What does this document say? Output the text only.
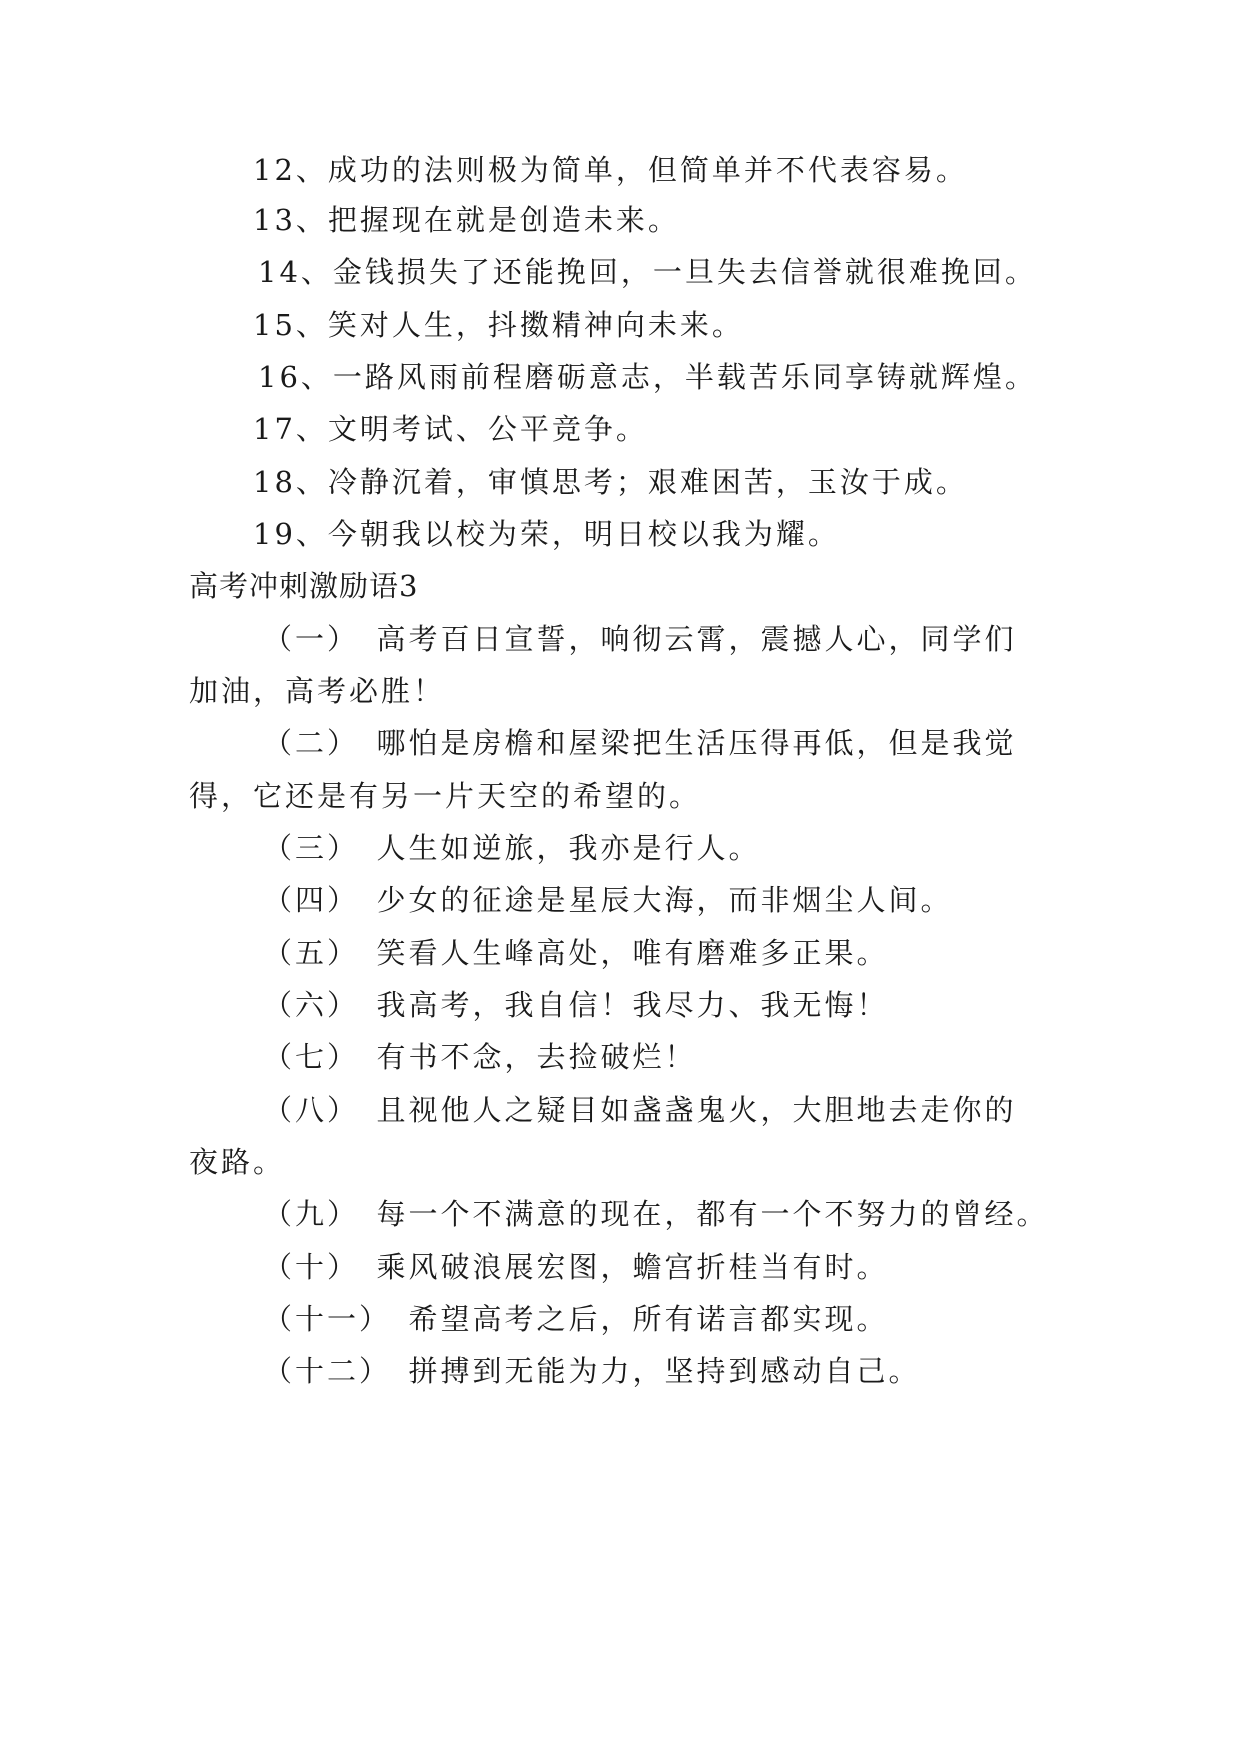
12、成功的法则极为简单，但简单并不代表容易。
13、把握现在就是创造未来。
14、金钱损失了还能挽回，一旦失去信誉就很难挽回。
15、笑对人生，抖擞精神向未来。
16、一路风雨前程磨砺意志，半载苦乐同享铸就辉煌。
17、文明考试、公平竞争。
18、冷静沉着，审慎思考；艰难困苦，玉汝于成。
19、今朝我以校为荣，明日校以我为耀。
高考冲刺激励语3
（一）　高考百日宣誓，响彻云霄，震撼人心，同学们
加油，高考必胜！
（二）　哪怕是房檐和屋梁把生活压得再低，但是我觉
得，它还是有另一片天空的希望的。
（三）　人生如逆旅，我亦是行人。
（四）　少女的征途是星辰大海，而非烟尘人间。
（五）　笑看人生峰高处，唯有磨难多正果。
（六）　我高考，我自信！我尽力、我无悔！
（七）　有书不念，去捡破烂！
（八）　且视他人之疑目如盏盏鬼火，大胆地去走你的
夜路。
（九）　每一个不满意的现在，都有一个不努力的曾经。
（十）　乘风破浪展宏图，蟾宫折桂当有时。
（十一）　希望高考之后，所有诺言都实现。
（十二）　拼搏到无能为力，坚持到感动自己。
